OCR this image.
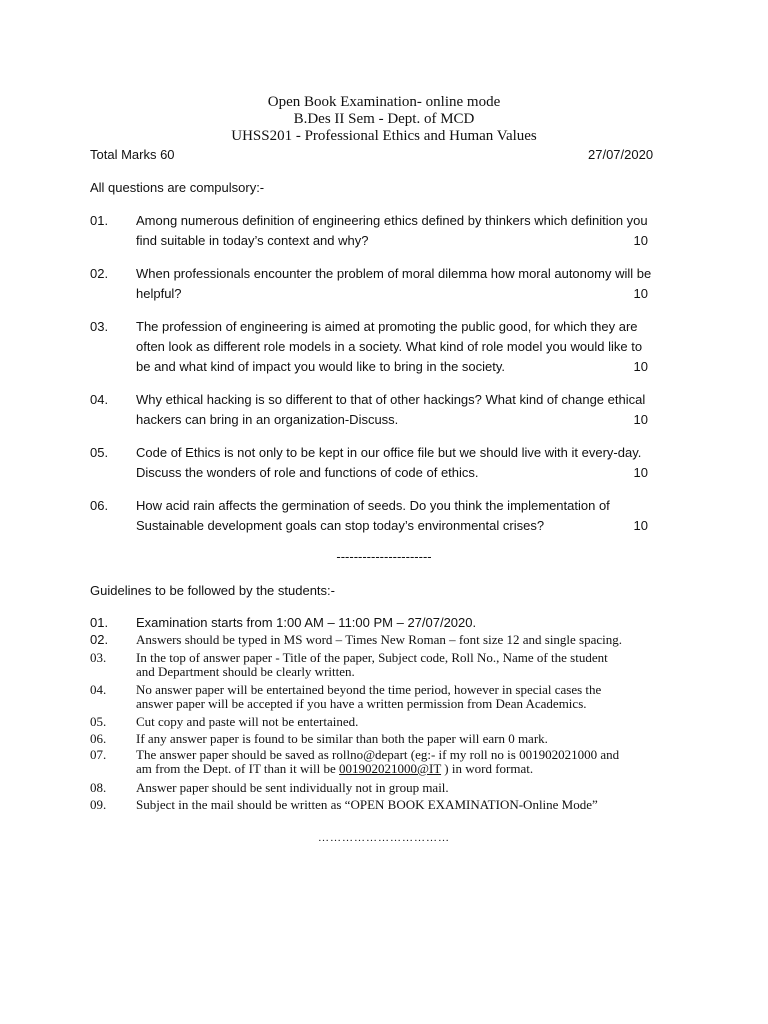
Open Book Examination- online mode
B.Des II Sem - Dept. of MCD
UHSS201 - Professional Ethics and Human Values
Total Marks 60	27/07/2020
All questions are compulsory:-
01. Among numerous definition of engineering ethics defined by thinkers which definition you
find suitable in today’s context and why?	10
02. When professionals encounter the problem of moral dilemma how moral autonomy will be
helpful?	10
03. The profession of engineering is aimed at promoting the public good, for which they are
often look as different role models in a society. What kind of role model you would like to
be and what kind of impact you would like to bring in the society.	10
04. Why ethical hacking is so different to that of other hackings? What kind of change ethical
hackers can bring in an organization-Discuss.	10
05. Code of Ethics is not only to be kept in our office file but we should live with it every-day.
Discuss the wonders of role and functions of code of ethics.	10
06. How acid rain affects the germination of seeds. Do you think the implementation of
Sustainable development goals can stop today’s environmental crises?	10
----------------------
Guidelines to be followed by the students:-
01. Examination starts from 1:00 AM – 11:00 PM – 27/07/2020.
02. Answers should be typed in MS word – Times New Roman – font size 12 and single spacing.
03. In the top of answer paper - Title of the paper, Subject code, Roll No., Name of the student
and Department should be clearly written.
04. No answer paper will be entertained beyond the time period, however in special cases the
answer paper will be accepted if you have a written permission from Dean Academics.
05. Cut copy and paste will not be entertained.
06. If any answer paper is found to be similar than both the paper will earn 0 mark.
07. The answer paper should be saved as rollno@depart (eg:- if my roll no is 001902021000 and
am from the Dept. of IT than it will be 001902021000@IT ) in word format.
08. Answer paper should be sent individually not in group mail.
09. Subject in the mail should be written as “OPEN BOOK EXAMINATION-Online Mode”
……………………………
